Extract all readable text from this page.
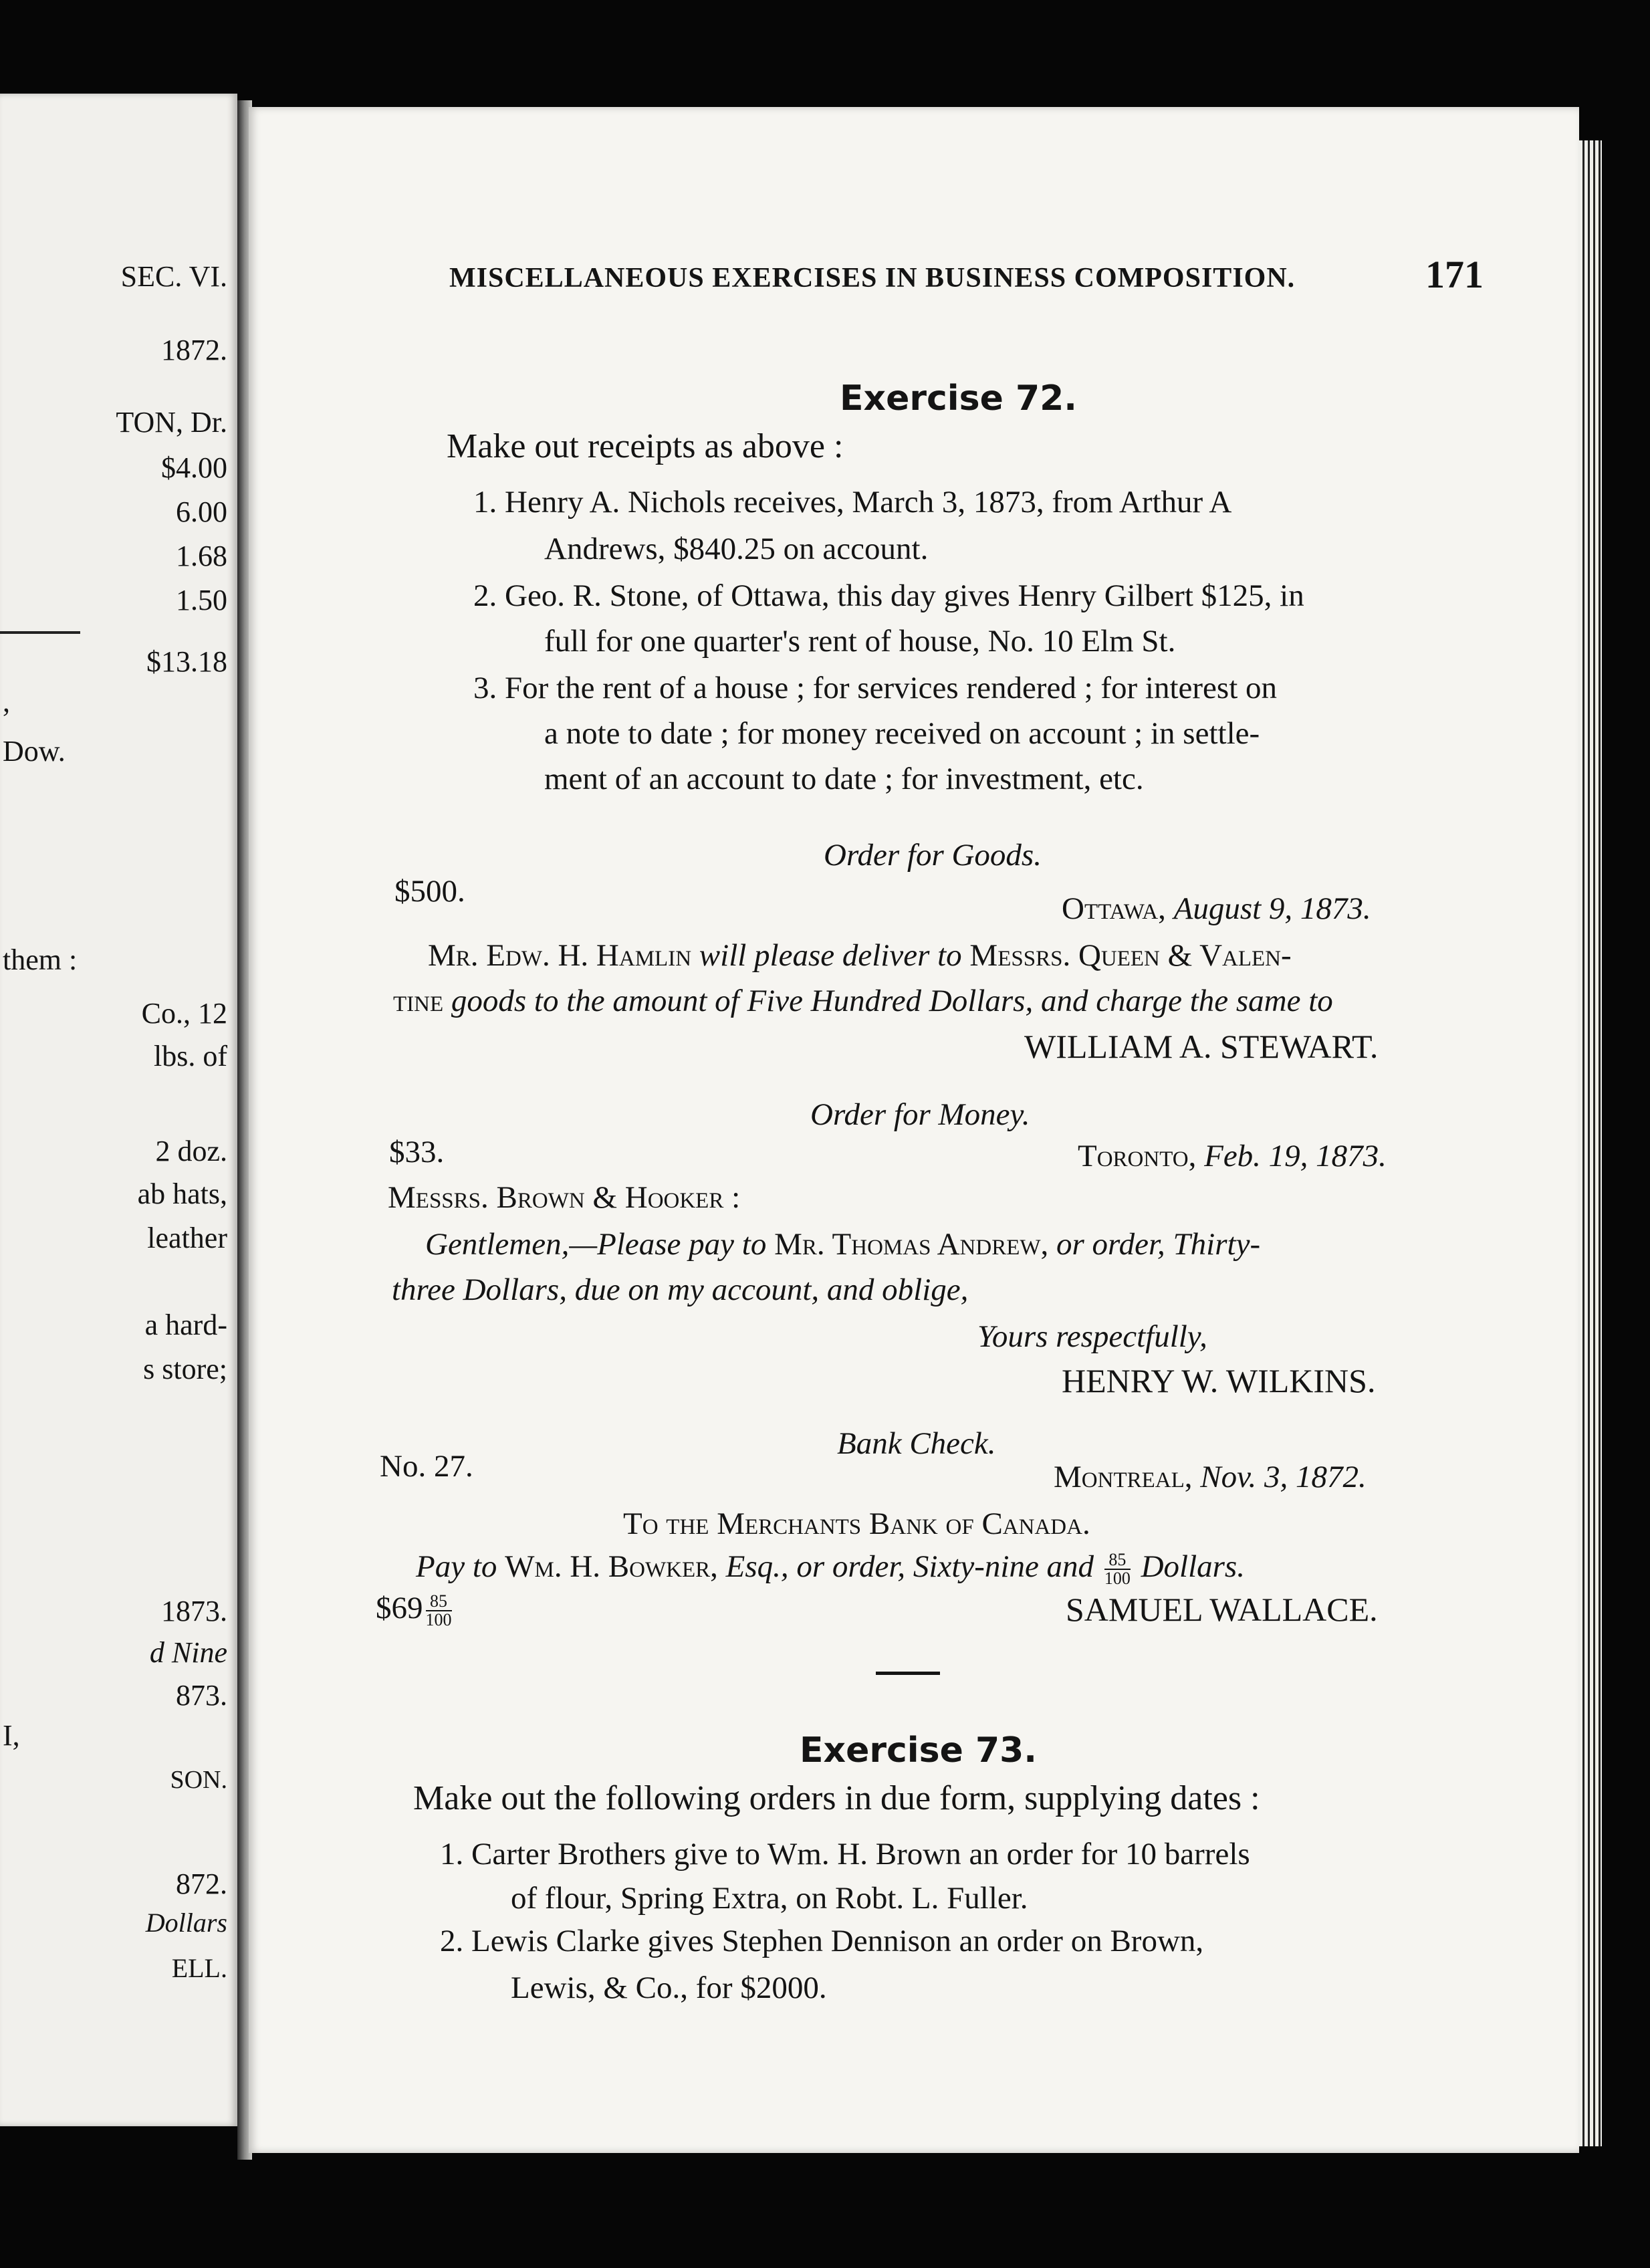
SEC. VI.
1872.
TON, Dr.
$4.00
6.00
1.68
1.50
$13.18
,
Dow.
them :
Co., 12
lbs. of
2 doz.
ab hats,
leather
a hard-
s store;
1873.
d Nine
873.
I,
SON.
872.
Dollars
ELL.
MISCELLANEOUS EXERCISES IN BUSINESS COMPOSITION.	171
Exercise 72.
Make out receipts as above :
1. Henry A. Nichols receives, March 3, 1873, from Arthur A
Andrews, $840.25 on account.
2. Geo. R. Stone, of Ottawa, this day gives Henry Gilbert $125, in
full for one quarter's rent of house, No. 10 Elm St.
3. For the rent of a house ; for services rendered ; for interest on
a note to date ; for money received on account ; in settle-
ment of an account to date ; for investment, etc.
Order for Goods.
$500.	Ottawa, August 9, 1873.
Mr. Edw. H. Hamlin will please deliver to Messrs. Queen & Valen-
tine goods to the amount of Five Hundred Dollars, and charge the same to
WILLIAM A. STEWART.
Order for Money.
$33.	Toronto, Feb. 19, 1873.
Messrs. Brown & Hooker :
Gentlemen,—Please pay to Mr. Thomas Andrew, or order, Thirty-
three Dollars, due on my account, and oblige,
Yours respectfully,
HENRY W. WILKINS.
Bank Check.
No. 27.	Montreal, Nov. 3, 1872.
To the Merchants Bank of Canada.
Pay to Wm. H. Bowker, Esq., or order, Sixty-nine and $\frac{85}{100}$ Dollars.
$69 $\frac{85}{100}$	SAMUEL WALLACE.
Exercise 73.
Make out the following orders in due form, supplying dates :
1. Carter Brothers give to Wm. H. Brown an order for 10 barrels
of flour, Spring Extra, on Robt. L. Fuller.
2. Lewis Clarke gives Stephen Dennison an order on Brown,
Lewis, & Co., for $2000.
